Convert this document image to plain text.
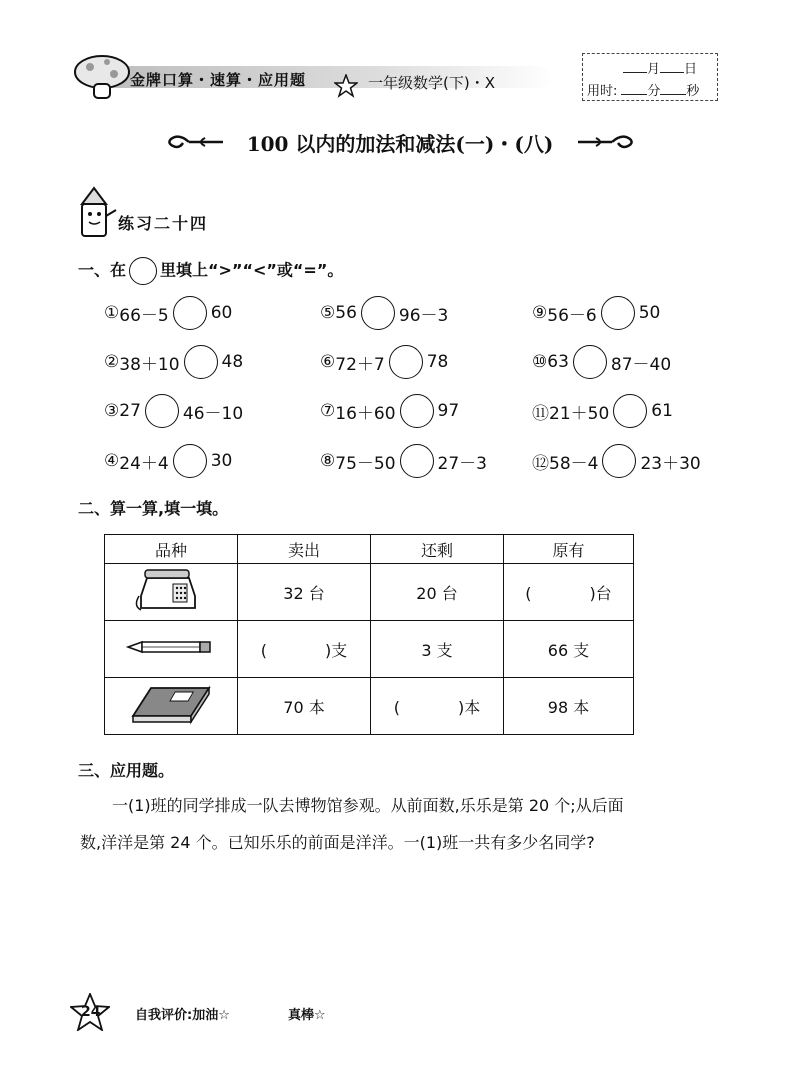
金牌口算・速算・应用题	一年级数学(下)・X
月 日
用时: 分 秒
100 以内的加法和减法(一)・(八)
练习二十四
一、在 里填上“>”“<”或“=”。
① 66－5 60
② 38＋10 48
③ 27 46－10
④ 24＋4 30
⑤ 56 96－3
⑥ 72＋7 78
⑦ 16＋60 97
⑧ 75－50 27－3
⑨ 56－6 50
⑩ 63 87－40
⑪ 21＋50 61
⑫ 58－4 23＋30
二、算一算,填一填。
品种	卖出	还剩	原有
	32 台	20 台	( )台
	( )支	3 支	66 支
	70 本	( )本	98 本
三、应用题。
一(1)班的同学排成一队去博物馆参观。从前面数,乐乐是第 20 个;从后面
数,洋洋是第 24 个。已知乐乐的前面是洋洋。一(1)班一共有多少名同学?
24	自我评价:加油☆	真棒☆
